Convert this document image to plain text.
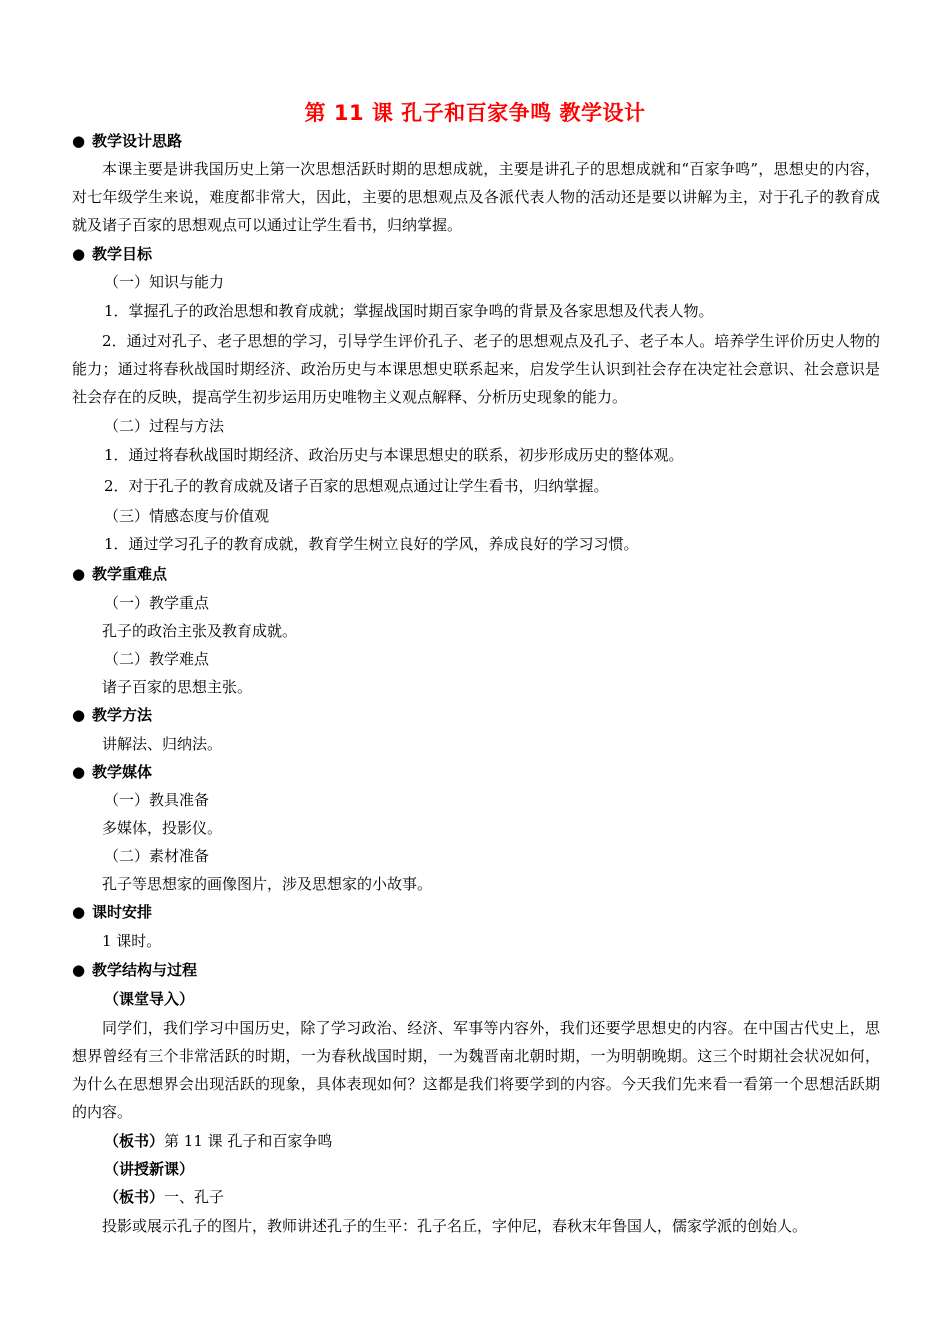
第 11 课 孔子和百家争鸣 教学设计
● 教学设计思路

本课主要是讲我国历史上第一次思想活跃时期的思想成就，主要是讲孔子的思想成就和“百家争鸣”，思想史的内容，对七年级学生来说，难度都非常大，因此，主要的思想观点及各派代表人物的活动还是要以讲解为主，对于孔子的教育成就及诸子百家的思想观点可以通过让学生看书，归纳掌握。

● 教学目标
（一）知识与能力
1．掌握孔子的政治思想和教育成就；掌握战国时期百家争鸣的背景及各家思想及代表人物。

2．通过对孔子、老子思想的学习，引导学生评价孔子、老子的思想观点及孔子、老子本人。培养学生评价历史人物的能力；通过将春秋战国时期经济、政治历史与本课思想史联系起来，启发学生认识到社会存在决定社会意识、社会意识是社会存在的反映，提高学生初步运用历史唯物主义观点解释、分析历史现象的能力。

（二）过程与方法
1．通过将春秋战国时期经济、政治历史与本课思想史的联系，初步形成历史的整体观。
2．对于孔子的教育成就及诸子百家的思想观点通过让学生看书，归纳掌握。
（三）情感态度与价值观
1．通过学习孔子的教育成就，教育学生树立良好的学风，养成良好的学习习惯。
● 教学重难点
（一）教学重点
孔子的政治主张及教育成就。
（二）教学难点
诸子百家的思想主张。
● 教学方法
讲解法、归纳法。
● 教学媒体
（一）教具准备
多媒体，投影仪。
（二）素材准备
孔子等思想家的画像图片，涉及思想家的小故事。
● 课时安排
1 课时。
● 教学结构与过程
（课堂导入）

同学们，我们学习中国历史，除了学习政治、经济、军事等内容外，我们还要学思想史的内容。在中国古代史上，思想界曾经有三个非常活跃的时期，一为春秋战国时期，一为魏晋南北朝时期，一为明朝晚期。这三个时期社会状况如何，为什么在思想界会出现活跃的现象，具体表现如何？这都是我们将要学到的内容。今天我们先来看一看第一个思想活跃期的内容。

（板书）第 11 课 孔子和百家争鸣
（讲授新课）
（板书）一、孔子
投影或展示孔子的图片，教师讲述孔子的生平：孔子名丘，字仲尼，春秋末年鲁国人，儒家学派的创始人。
